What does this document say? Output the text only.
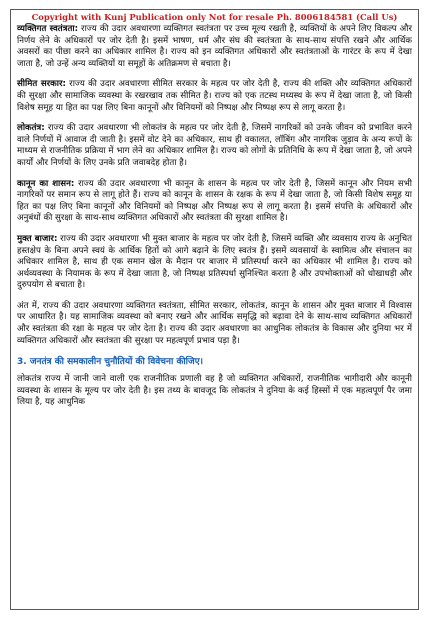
Copyright with Kunj Publication only Not for resale Ph. 8006184581 (Call Us)

व्यक्तिगत स्वतंत्रता: राज्य की उदार अवधारणा व्यक्तिगत स्वतंत्रता पर उच्च मूल्य रखती है, व्यक्तियों के अपने लिए विकल्प और निर्णय लेने के अधिकारों पर जोर देती है। इसमें भाषण, धर्म और संघ की स्वतंत्रता के साथ-साथ संपत्ति रखने और आर्थिक अवसरों का पीछा करने का अधिकार शामिल है। राज्य को इन व्यक्तिगत अधिकारों और स्वतंत्रताओं के गारंटर के रूप में देखा जाता है, जो उन्हें अन्य व्यक्तियों या समूहों के अतिक्रमण से बचाता है।

सीमित सरकार: राज्य की उदार अवधारणा सीमित सरकार के महत्व पर जोर देती है, राज्य की शक्ति और व्यक्तिगत अधिकारों की सुरक्षा और सामाजिक व्यवस्था के रखरखाव तक सीमित है। राज्य को एक तटस्थ मध्यस्थ के रूप में देखा जाता है, जो किसी विशेष समूह या हित का पक्ष लिए बिना कानूनों और विनियमों को निष्पक्ष और निष्पक्ष रूप से लागू करता है।

लोकतंत्र: राज्य की उदार अवधारणा भी लोकतंत्र के महत्व पर जोर देती है, जिसमें नागरिकों को उनके जीवन को प्रभावित करने वाले निर्णयों में आवाज दी जाती है। इसमें वोट देने का अधिकार, साथ ही वकालत, लॉबिंग और नागरिक जुड़ाव के अन्य रूपों के माध्यम से राजनीतिक प्रक्रिया में भाग लेने का अधिकार शामिल है। राज्य को लोगों के प्रतिनिधि के रूप में देखा जाता है, जो अपने कार्यों और निर्णयों के लिए उनके प्रति जवाबदेह होता है।

कानून का शासन: राज्य की उदार अवधारणा भी कानून के शासन के महत्व पर जोर देती है, जिसमें कानून और नियम सभी नागरिकों पर समान रूप से लागू होते हैं। राज्य को कानून के शासन के रक्षक के रूप में देखा जाता है, जो किसी विशेष समूह या हित का पक्ष लिए बिना कानूनों और विनियमों को निष्पक्ष और निष्पक्ष रूप से लागू करता है। इसमें संपत्ति के अधिकारों और अनुबंधों की सुरक्षा के साथ-साथ व्यक्तिगत अधिकारों और स्वतंत्रता की सुरक्षा शामिल है।

मुक्त बाजार: राज्य की उदार अवधारणा भी मुक्त बाजार के महत्व पर जोर देती है, जिसमें व्यक्ति और व्यवसाय राज्य के अनुचित हस्तक्षेप के बिना अपने स्वयं के आर्थिक हितों को आगे बढ़ाने के लिए स्वतंत्र हैं। इसमें व्यवसायों के स्वामित्व और संचालन का अधिकार शामिल है, साथ ही एक समान खेल के मैदान पर बाजार में प्रतिस्पर्धा करने का अधिकार भी शामिल है। राज्य को अर्थव्यवस्था के नियामक के रूप में देखा जाता है, जो निष्पक्ष प्रतिस्पर्धा सुनिश्चित करता है और उपभोक्ताओं को धोखाधड़ी और दुरुपयोग से बचाता है।

अंत में, राज्य की उदार अवधारणा व्यक्तिगत स्वतंत्रता, सीमित सरकार, लोकतंत्र, कानून के शासन और मुक्त बाजार में विश्वास पर आधारित है। यह सामाजिक व्यवस्था को बनाए रखने और आर्थिक समृद्धि को बढ़ावा देने के साथ-साथ व्यक्तिगत अधिकारों और स्वतंत्रता की रक्षा के महत्व पर जोर देता है। राज्य की उदार अवधारणा का आधुनिक लोकतंत्र के विकास और दुनिया भर में व्यक्तिगत अधिकारों और स्वतंत्रता की सुरक्षा पर महत्वपूर्ण प्रभाव पड़ा है।

3. जनतंत्र की समकालीन चुनौतियों की विवेचना कीजिए।

लोकतंत्र राज्य में जानी जाने वाली एक राजनीतिक प्रणाली वह है जो व्यक्तिगत अधिकारों, राजनीतिक भागीदारी और कानूनी व्यवस्था के शासन के मूल्य पर जोर देती है। इस तथ्य के बावजूद कि लोकतंत्र ने दुनिया के कई हिस्सों में एक महत्वपूर्ण पैर जमा लिया है, यह आधुनिक
